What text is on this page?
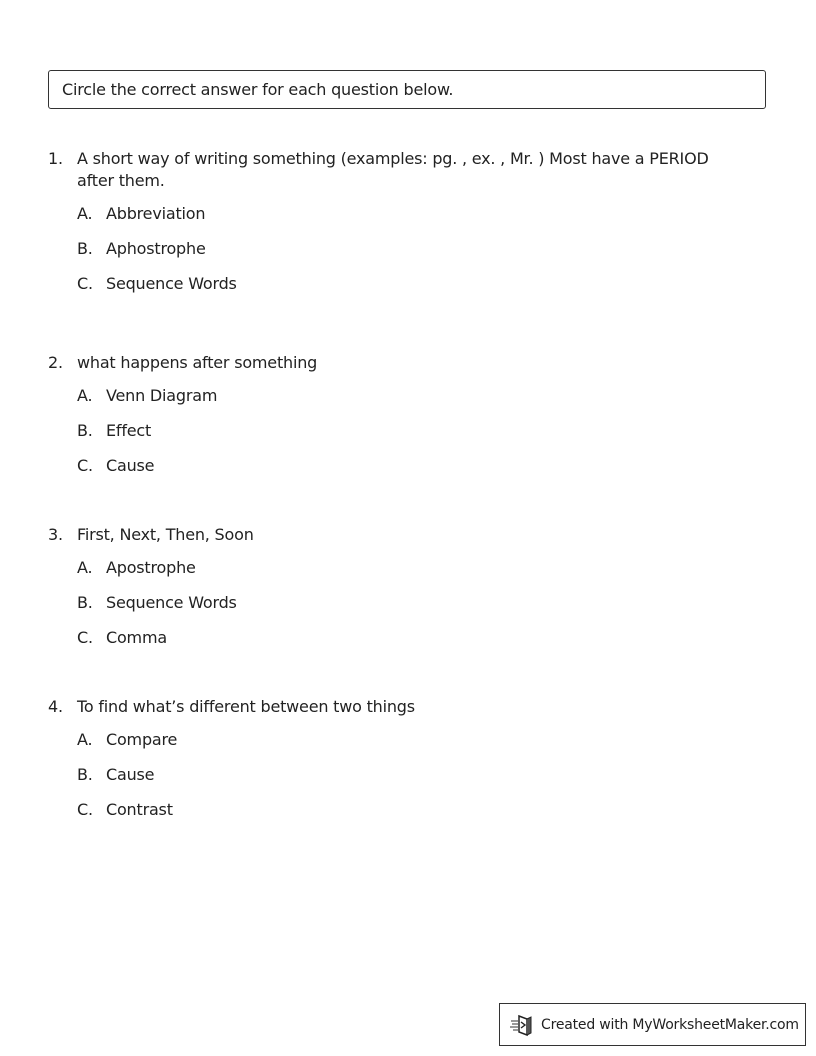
Circle the correct answer for each question below.
1. A short way of writing something (examples: pg. , ex. , Mr. ) Most have a PERIOD after them.
A. Abbreviation
B. Aphostrophe
C. Sequence Words
2. what happens after something
A. Venn Diagram
B. Effect
C. Cause
3. First, Next, Then, Soon
A. Apostrophe
B. Sequence Words
C. Comma
4. To find what’s different between two things
A. Compare
B. Cause
C. Contrast
Created with MyWorksheetMaker.com
